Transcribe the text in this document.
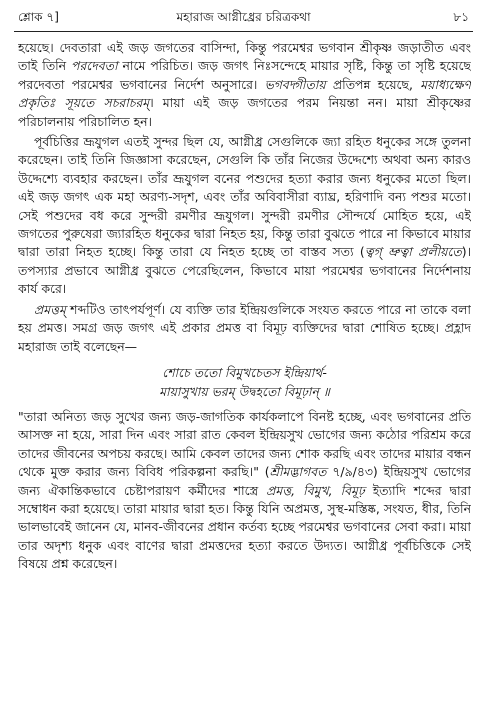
শ্লোক ৭]	মহারাজ আগ্নীধ্রের চরিত্রকথা	৮১

হয়েছে। দেবতারা এই জড় জগতের বাসিন্দা, কিন্তু পরমেশ্বর ভগবান শ্রীকৃষ্ণ জড়াতীত এবং তাই তিনি পরদেবতা নামে পরিচিত। জড় জগৎ নিঃসন্দেহে মায়ার সৃষ্টি, কিন্তু তা সৃষ্টি হয়েছে পরদেবতা পরমেশ্বর ভগবানের নির্দেশ অনুসারে। ভগবদ্গীতায় প্রতিপন্ন হয়েছে, ময়াধ্যক্ষেণ প্রকৃতিঃ সূয়তে সচরাচরম্। মায়া এই জড় জগতের পরম নিয়ন্তা নন। মায়া শ্রীকৃষ্ণের পরিচালনায় পরিচালিত হন।

পূর্বচিত্তির ভ্রূযুগল এতই সুন্দর ছিল যে, আগ্নীধ্র সেগুলিকে জ্যা রহিত ধনুকের সঙ্গে তুলনা করেছেন। তাই তিনি জিজ্ঞাসা করেছেন, সেগুলি কি তাঁর নিজের উদ্দেশ্যে অথবা অন্য কারও উদ্দেশ্যে ব্যবহার করছেন। তাঁর ভ্রূযুগল বনের পশুদের হত্যা করার জন্য ধনুকের মতো ছিল। এই জড় জগৎ এক মহা অরণ্য-সদৃশ, এবং তাঁর অবিবাসীরা ব্যাঘ্র, হরিণাদি বন্য পশুর মতো। সেই পশুদের বধ করে সুন্দরী রমণীর ভ্রূযুগল। সুন্দরী রমণীর সৌন্দর্যে মোহিত হয়ে, এই জগতের পুরুষেরা জ্যারহিত ধনুকের দ্বারা নিহত হয়, কিন্তু তারা বুঝতে পারে না কিভাবে মায়ার দ্বারা তারা নিহত হচ্ছে। কিন্তু তারা যে নিহত হচ্ছে তা বাস্তব সত্য (ত্বগ্ ভ্রুত্বা প্রলীয়তে)। তপস্যার প্রভাবে আগ্নীধ্র বুঝতে পেরেছিলেন, কিভাবে মায়া পরমেশ্বর ভগবানের নির্দেশনায় কার্য করে।

প্রমত্তম্ শব্দটিও তাৎপর্যপূর্ণ। যে ব্যক্তি তার ইন্দ্রিয়গুলিকে সংযত করতে পারে না তাকে বলা হয় প্রমত্ত। সমগ্র জড় জগৎ এই প্রকার প্রমত্ত বা বিমূঢ় ব্যক্তিদের দ্বারা শোষিত হচ্ছে। প্রহ্লাদ মহারাজ তাই বলেছেন—

শোচে ততো বিমুখচেতস ইন্দ্রিয়ার্থ-
মায়াসুখায় ভরম্ উদ্বহতো বিমূঢ়ান্ ॥

"তারা অনিত্য জড় সুখের জন্য জড়-জাগতিক কার্যকলাপে বিনষ্ট হচ্ছে, এবং ভগবানের প্রতি আসক্ত না হয়ে, সারা দিন এবং সারা রাত কেবল ইন্দ্রিয়সুখ ভোগের জন্য কঠোর পরিশ্রম করে তাদের জীবনের অপচয় করছে। আমি কেবল তাদের জন্য শোক করছি এবং তাদের মায়ার বন্ধন থেকে মুক্ত করার জন্য বিবিধ পরিকল্পনা করছি।" (শ্রীমদ্ভাগবত ৭/৯/৪৩) ইন্দ্রিয়সুখ ভোগের জন্য ঐকান্তিকভাবে চেষ্টাপরায়ণ কর্মীদের শাস্ত্রে প্রমত্ত, বিমুখ, বিমূঢ় ইত্যাদি শব্দের দ্বারা সম্বোধন করা হয়েছে। তারা মায়ার দ্বারা হত। কিন্তু যিনি অপ্রমত্ত, সুস্থ-মস্তিষ্ক, সংযত, ধীর, তিনি ভালভাবেই জানেন যে, মানব-জীবনের প্রধান কর্তব্য হচ্ছে পরমেশ্বর ভগবানের সেবা করা। মায়া তার অদৃশ্য ধনুক এবং বাণের দ্বারা প্রমত্তদের হত্যা করতে উদ্যত। আগ্নীধ্র পূর্বচিত্তিকে সেই বিষয়ে প্রশ্ন করেছেন।
